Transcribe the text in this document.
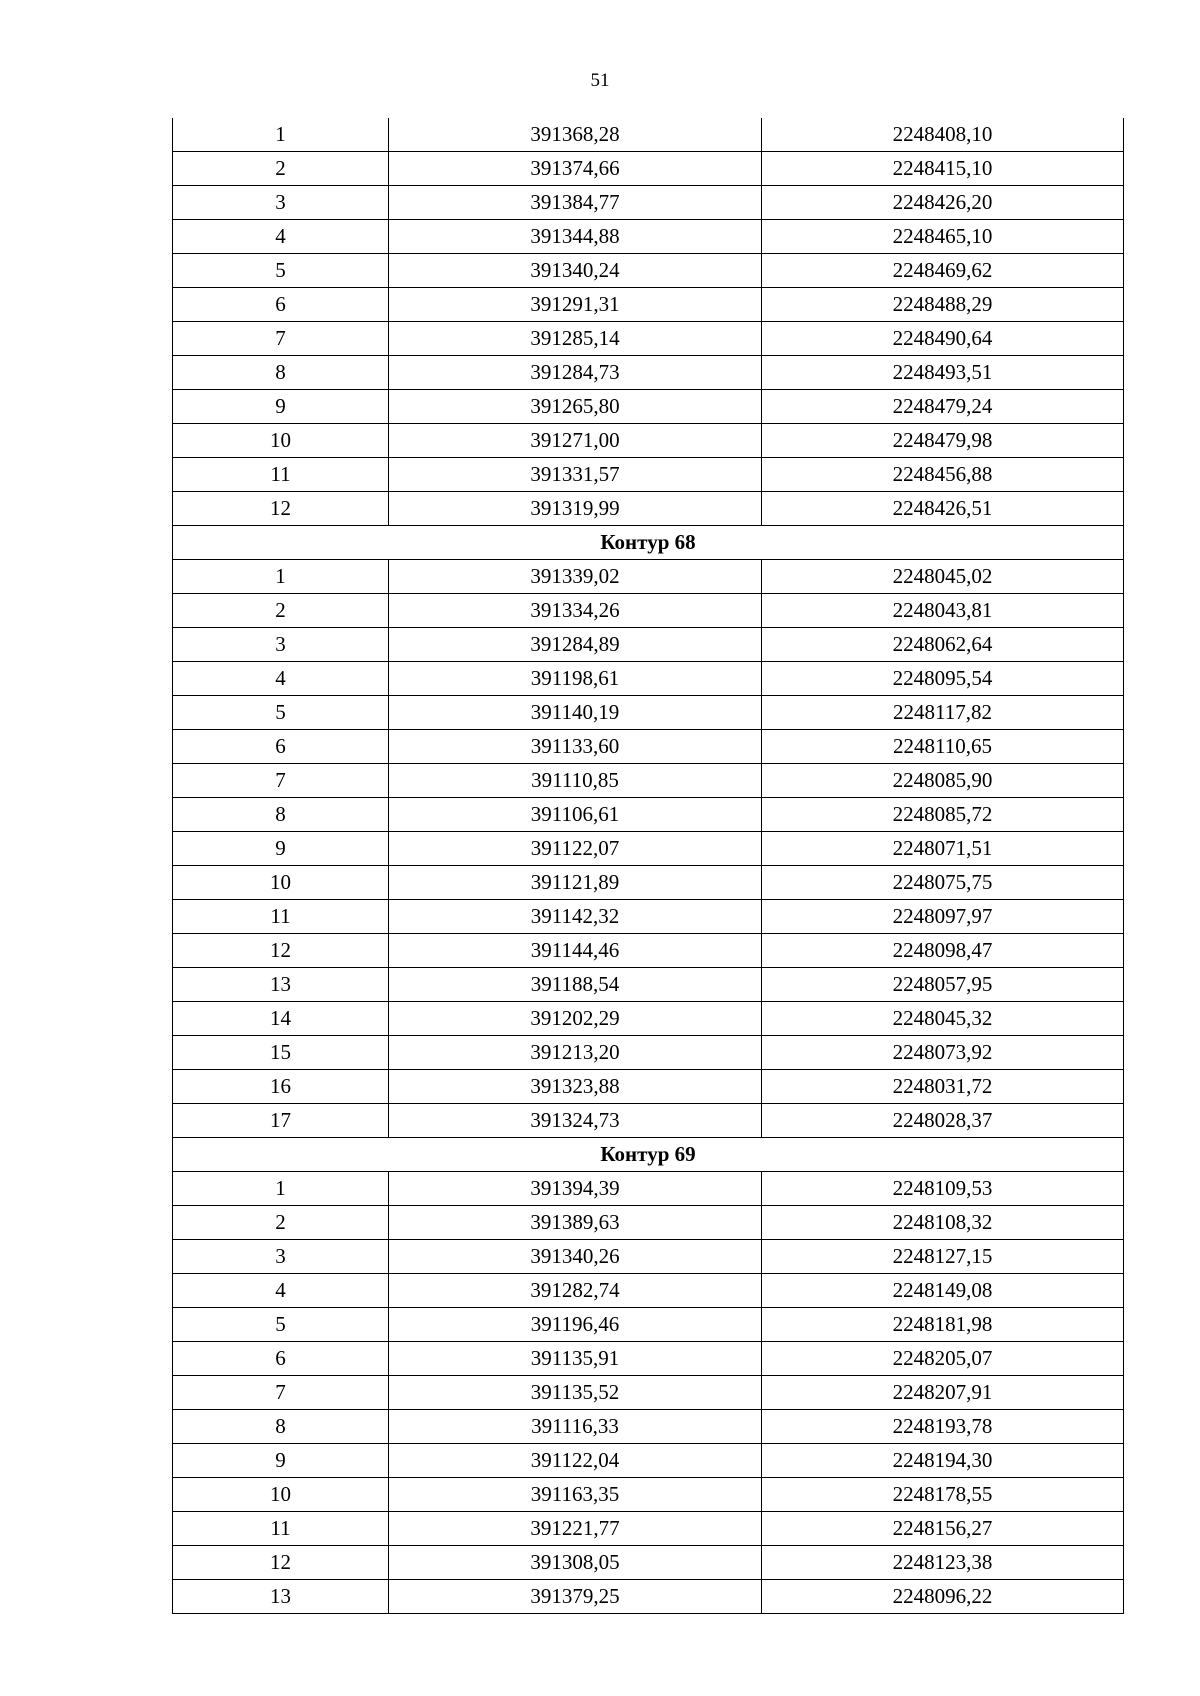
51
1	391368,28	2248408,10
2	391374,66	2248415,10
3	391384,77	2248426,20
4	391344,88	2248465,10
5	391340,24	2248469,62
6	391291,31	2248488,29
7	391285,14	2248490,64
8	391284,73	2248493,51
9	391265,80	2248479,24
10	391271,00	2248479,98
11	391331,57	2248456,88
12	391319,99	2248426,51
Контур 68		
1	391339,02	2248045,02
2	391334,26	2248043,81
3	391284,89	2248062,64
4	391198,61	2248095,54
5	391140,19	2248117,82
6	391133,60	2248110,65
7	391110,85	2248085,90
8	391106,61	2248085,72
9	391122,07	2248071,51
10	391121,89	2248075,75
11	391142,32	2248097,97
12	391144,46	2248098,47
13	391188,54	2248057,95
14	391202,29	2248045,32
15	391213,20	2248073,92
16	391323,88	2248031,72
17	391324,73	2248028,37
Контур 69		
1	391394,39	2248109,53
2	391389,63	2248108,32
3	391340,26	2248127,15
4	391282,74	2248149,08
5	391196,46	2248181,98
6	391135,91	2248205,07
7	391135,52	2248207,91
8	391116,33	2248193,78
9	391122,04	2248194,30
10	391163,35	2248178,55
11	391221,77	2248156,27
12	391308,05	2248123,38
13	391379,25	2248096,22
